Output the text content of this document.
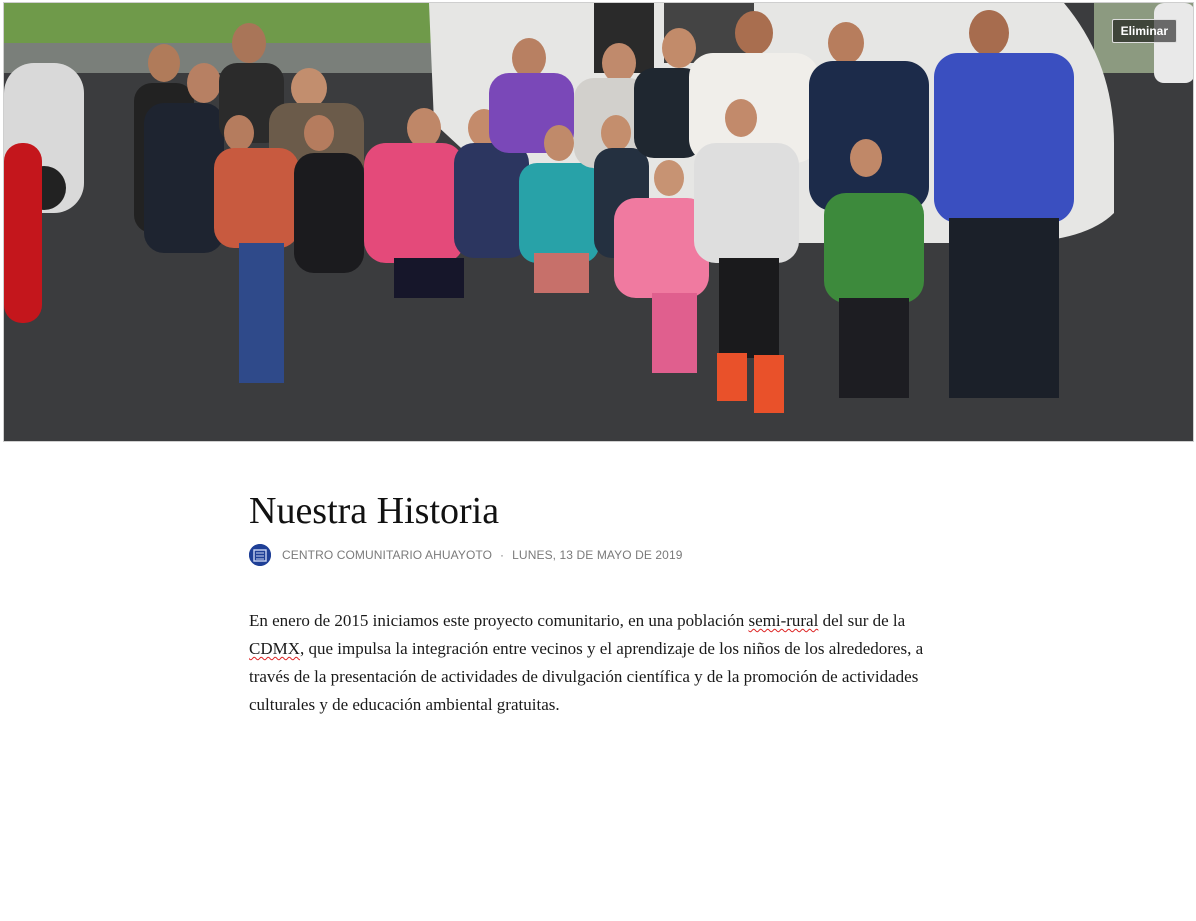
Eliminar
Nuestra Historia
CENTRO COMUNITARIO AHUAYOTO · LUNES, 13 DE MAYO DE 2019

En enero de 2015 iniciamos este proyecto comunitario, en una población semi-rural del sur de la CDMX, que impulsa la integración entre vecinos y el aprendizaje de los niños de los alrededores, a través de la presentación de actividades de divulgación científica y de la promoción de actividades culturales y de educación ambiental gratuitas.
